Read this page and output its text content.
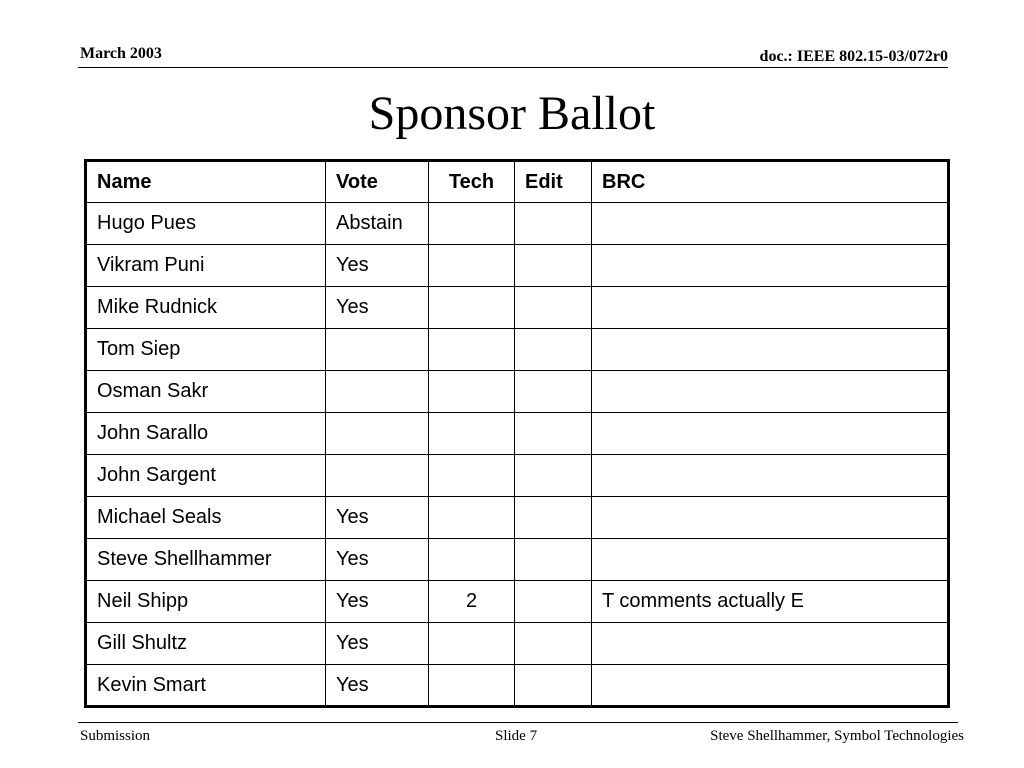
March 2003	doc.: IEEE 802.15-03/072r0
Sponsor Ballot
Name	Vote	Tech	Edit	BRC
Hugo Pues	Abstain			
Vikram Puni	Yes			
Mike Rudnick	Yes			
Tom Siep				
Osman Sakr				
John Sarallo				
John Sargent				
Michael Seals	Yes			
Steve Shellhammer	Yes			
Neil Shipp	Yes	2		T comments actually E
Gill Shultz	Yes			
Kevin Smart	Yes			
Submission	Slide 7	Steve Shellhammer, Symbol Technologies
